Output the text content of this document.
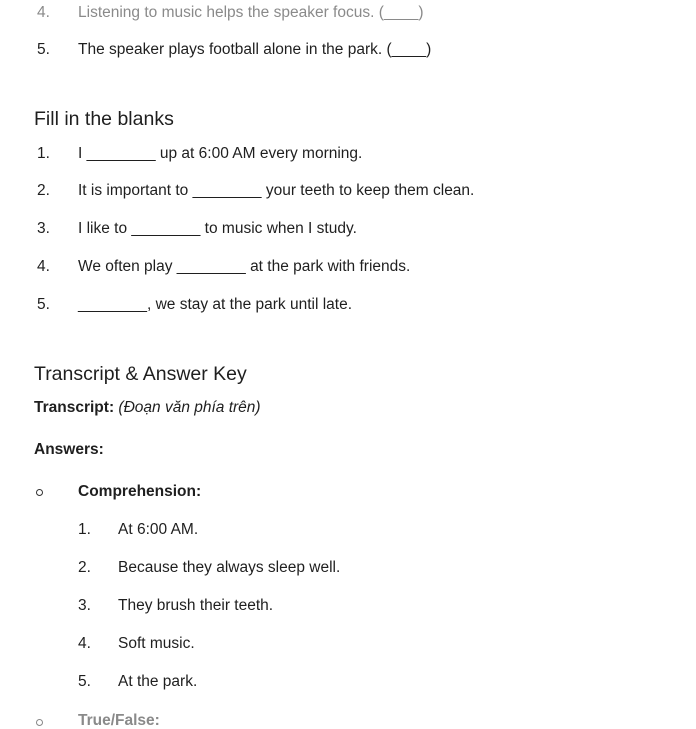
4. Listening to music helps the speaker focus. (____)
5. The speaker plays football alone in the park. (____)
Fill in the blanks
1. I ________ up at 6:00 AM every morning.
2. It is important to ________ your teeth to keep them clean.
3. I like to ________ to music when I study.
4. We often play ________ at the park with friends.
5. ________, we stay at the park until late.
Transcript & Answer Key
Transcript: (Đoạn văn phía trên)
Answers:
Comprehension:
1. At 6:00 AM.
2. Because they always sleep well.
3. They brush their teeth.
4. Soft music.
5. At the park.
True/False:
